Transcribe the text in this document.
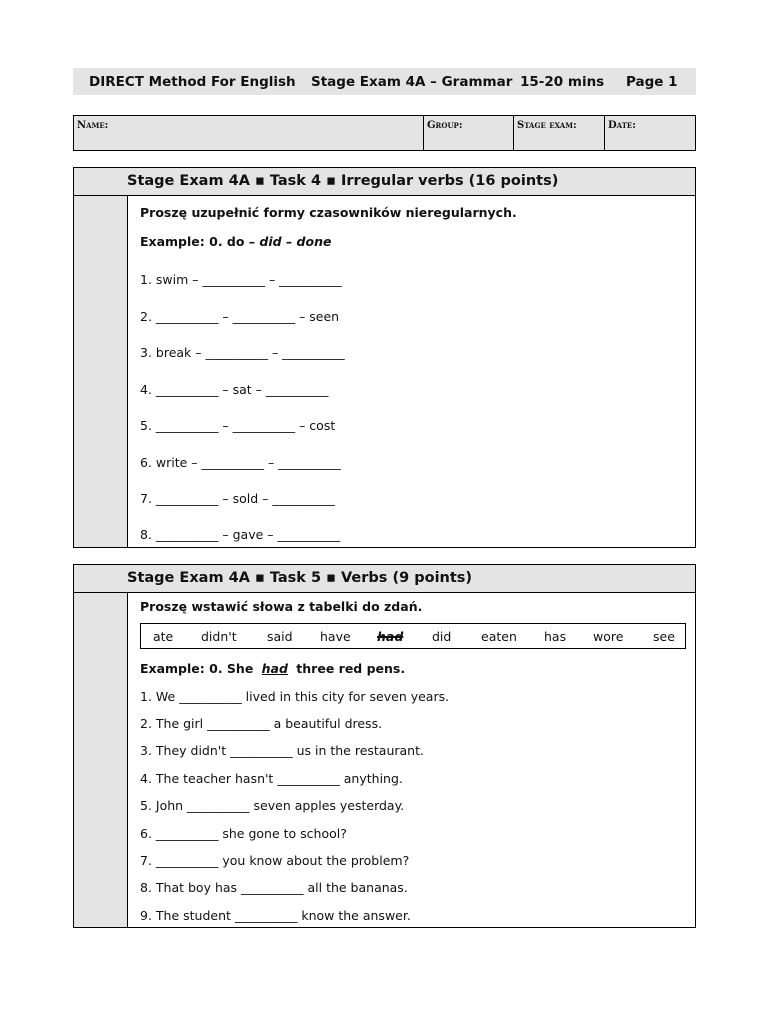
DIRECT Method For English Stage Exam 4A – Grammar 15-20 mins Page 1
Name:	Group:	Stage exam:	Date:
Stage Exam 4A ▪ Task 4 ▪ Irregular verbs (16 points)
Proszę uzupełnić formy czasowników nieregularnych.
Example: 0. do – did – done
1. swim – __________ – __________
2. __________ – __________ – seen
3. break – __________ – __________
4. __________ – sat – __________
5. __________ – __________ – cost
6. write – __________ – __________
7. __________ – sold – __________
8. __________ – gave – __________
Stage Exam 4A ▪ Task 5 ▪ Verbs (9 points)
Proszę wstawić słowa z tabelki do zdań.
ate didn't said have had did eaten has wore see
Example: 0. She had three red pens.
1. We __________ lived in this city for seven years.
2. The girl __________ a beautiful dress.
3. They didn't __________ us in the restaurant.
4. The teacher hasn't __________ anything.
5. John __________ seven apples yesterday.
6. __________ she gone to school?
7. __________ you know about the problem?
8. That boy has __________ all the bananas.
9. The student __________ know the answer.
